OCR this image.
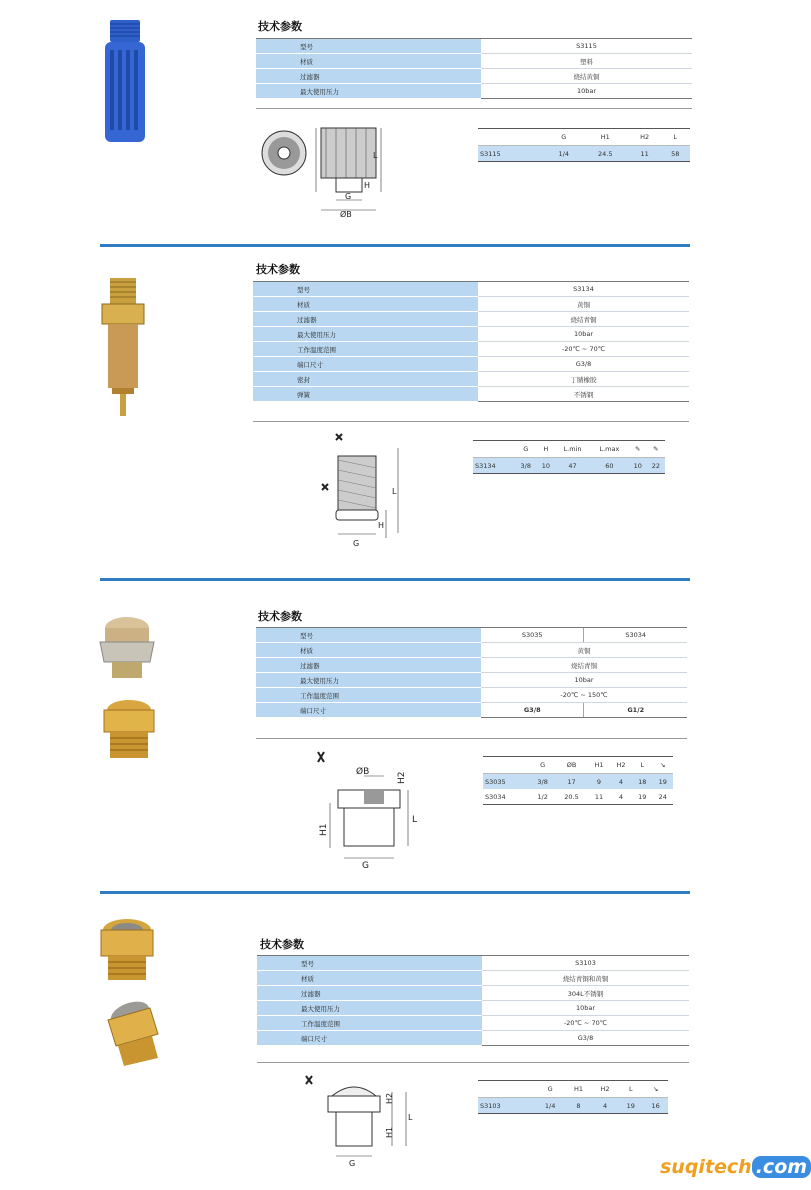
技术参数
型号	S3115
材质	塑料
过滤器	烧结黄铜
最大使用压力	10bar
L
H
G
ØB
	G	H1	H2	L
S3115	1/4	24.5	11	58
技术参数
型号	S3134
材质	黄铜
过滤器	烧结青铜
最大使用压力	10bar
工作温度范围	-20℃ ~ 70℃
端口尺寸	G3/8
密封	丁腈橡胶
弹簧	不锈钢
L
H
G
	G	H	L.min	L.max	✎	✎
S3134	3/8	10	47	60	10	22
技术参数
型号	S3035	S3034
材质	黄铜	
过滤器	烧结青铜	
最大使用压力	10bar	
工作温度范围	-20℃ ~ 150℃	
端口尺寸	G3/8	G1/2
ØB	H2
H1
L
G
	G	ØB	H1	H2	L	↘
S3035	3/8	17	9	4	18	19
S3034	1/2	20.5	11	4	19	24
技术参数
型号	S3103
材质	烧结青铜和黄铜
过滤器	304L不锈钢
最大使用压力	10bar
工作温度范围	-20℃ ~ 70℃
端口尺寸	G3/8
H2
H1
L
G
	G	H1	H2	L	↘
S3103	1/4	8	4	19	16
suqitech .com
